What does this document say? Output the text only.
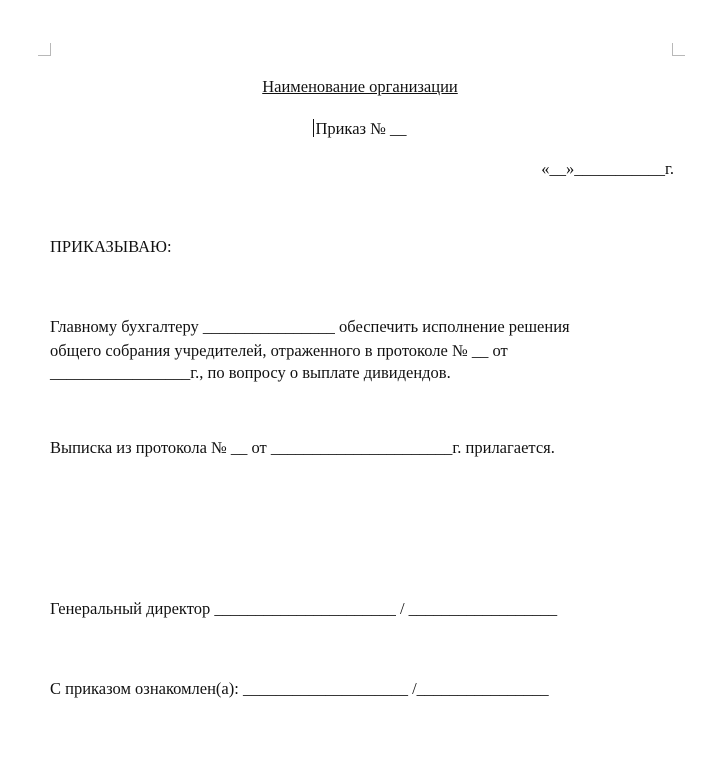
Наименование организации
Приказ № __
«__»___________г.
ПРИКАЗЫВАЮ:
Главному бухгалтеру ________________ обеспечить исполнение решения
общего собрания учредителей, отраженного в протоколе № __ от
_________________г., по вопросу о выплате дивидендов.
Выписка из протокола № __ от ______________________г. прилагается.
Генеральный директор ______________________ / __________________
С приказом ознакомлен(а): ____________________ /________________
